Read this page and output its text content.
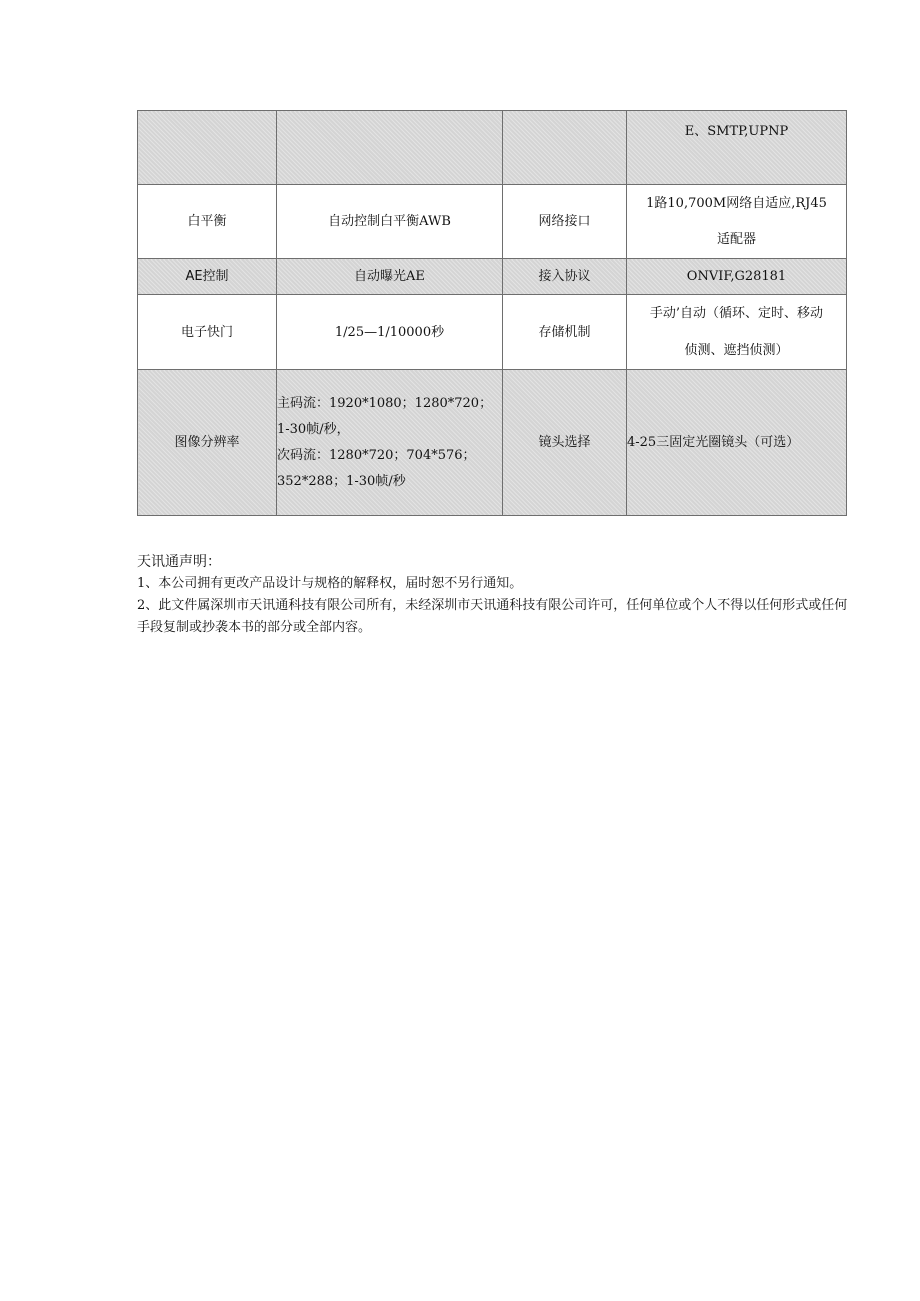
			E、SMTP,UPNP
白平衡	自动控制白平衡AWB	网络接口	1路10,700M网络自适应,RJ45
适配器

AE控制	自动曝光AE	接入协议	ONVIF,G28181
电子快门	1/25—1/10000秒	存储机制	手动’自动（循环、定时、移动
侦测、遮挡侦测）

图像分辨率	主码流：1920*1080；1280*720；
1-30帧/秒，
次码流：1280*720；704*576；
352*288；1-30帧/秒	镜头选择	4-25三固定光圈镜头（可选）
天讯通声明：
1、本公司拥有更改产品设计与规格的解释权，届时恕不另行通知。
2、此文件属深圳市天讯通科技有限公司所有，未经深圳市天讯通科技有限公司许可，任何单位或个人不得以任何形式或任何手段复制或抄袭本书的部分或全部内容。
